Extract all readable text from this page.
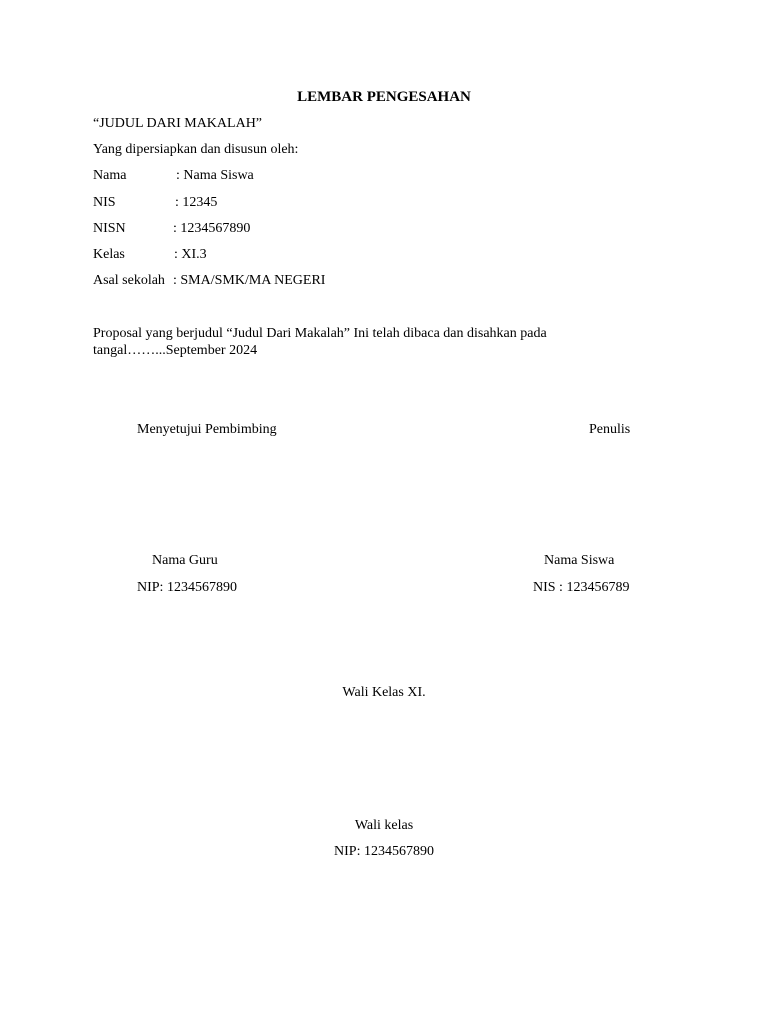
LEMBAR PENGESAHAN
“JUDUL DARI MAKALAH”
Yang dipersiapkan dan disusun oleh:
Nama	: Nama Siswa
NIS	: 12345
NISN	: 1234567890
Kelas	: XI.3
Asal sekolah : SMA/SMK/MA NEGERI
Proposal yang berjudul “Judul Dari Makalah” Ini telah dibaca dan disahkan pada
tangal……...September 2024
Menyetujui Pembimbing	Penulis
Nama Guru
NIP: 1234567890
Nama Siswa
NIS : 123456789
Wali Kelas XI.
Wali kelas
NIP: 1234567890
